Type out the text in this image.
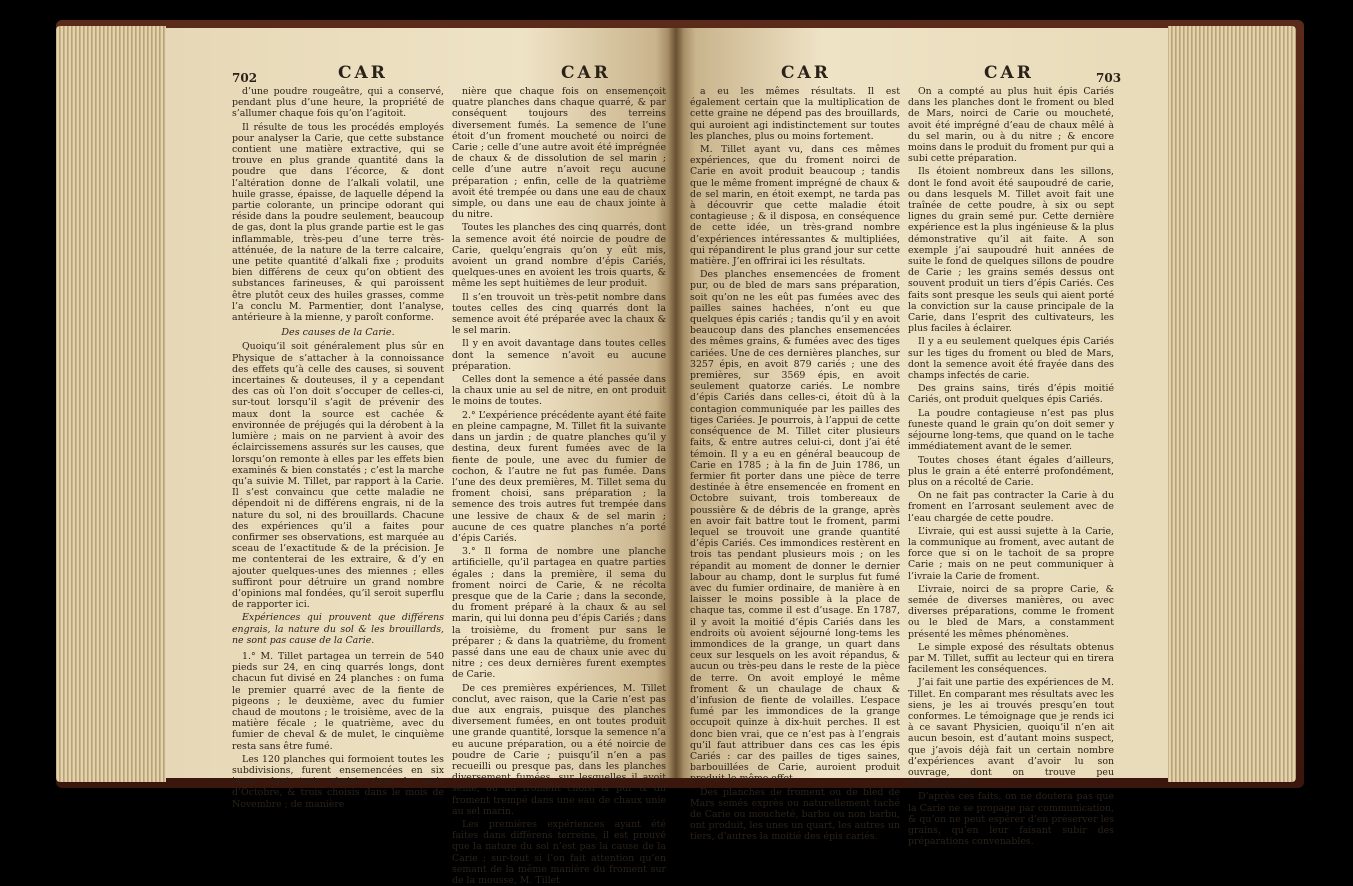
702	CAR	CAR	CAR	CAR	703

d’une poudre rougeâtre, qui a conservé, pendant plus d’une heure, la propriété de s’allumer chaque fois qu’on l’agitoit.

Il résulte de tous les procédés employés pour analyser la Carie, que cette substance contient une matière extractive, qui se trouve en plus grande quantité dans la poudre que dans l’écorce, & dont l’altération donne de l’alkali volatil, une huile grasse, épaisse, de laquelle dépend la partie colorante, un principe odorant qui réside dans la poudre seulement, beaucoup de gas, dont la plus grande partie est le gas inflammable, très-peu d’une terre très-atténuée, de la nature de la terre calcaire, une petite quantité d’alkali fixe ; produits bien différens de ceux qu’on obtient des substances farineuses, & qui paroissent être plutôt ceux des huiles grasses, comme l’a conclu M. Parmentier, dont l’analyse, antérieure à la mienne, y paroît conforme.

Des causes de la Carie.

Quoiqu’il soit généralement plus sûr en Physique de s’attacher à la connoissance des effets qu’à celle des causes, si souvent incertaines & douteuses, il y a cependant des cas où l’on doit s’occuper de celles-ci, sur-tout lorsqu’il s’agit de prévenir des maux dont la source est cachée & environnée de préjugés qui la dérobent à la lumière ; mais on ne parvient à avoir des éclaircissemens assurés sur les causes, que lorsqu’on remonte à elles par les effets bien examinés & bien constatés ; c’est la marche qu’a suivie M. Tillet, par rapport à la Carie. Il s’est convaincu que cette maladie ne dépendoit ni de différens engrais, ni de la nature du sol, ni des brouillards. Chacune des expériences qu’il a faites pour confirmer ses observations, est marquée au sceau de l’exactitude & de la précision. Je me contenterai de les extraire, & d’y en ajouter quelques-unes des miennes ; elles suffiront pour détruire un grand nombre d’opinions mal fondées, qu’il seroit superflu de rapporter ici.

Expériences qui prouvent que différens engrais, la nature du sol & les brouillards, ne sont pas cause de la Carie.

1.° M. Tillet partagea un terrein de 540 pieds sur 24, en cinq quarrés longs, dont chacun fut divisé en 24 planches : on fuma le premier quarré avec de la fiente de pigeons ; le deuxième, avec du fumier chaud de moutons ; le troisième, avec de la matière fécale ; le quatrième, avec du fumier de cheval & de mulet, le cinquième resta sans être fumé.

Les 120 planches qui formoient toutes les subdivisions, furent ensemencées en six jours, dont trois choisis dans le mois d’Octobre, & trois choisis dans le mois de Novembre ; de manière

nière que chaque fois on ensemençoit quatre planches dans chaque quarré, & par conséquent toujours des terreins diversement fumés. La semence de l’une étoit d’un froment moucheté ou noirci de Carie ; celle d’une autre avoit été imprégnée de chaux & de dissolution de sel marin ; celle d’une autre n’avoit reçu aucune préparation ; enfin, celle de la quatrième avoit été trempée ou dans une eau de chaux simple, ou dans une eau de chaux jointe à du nitre.

Toutes les planches des cinq quarrés, dont la semence avoit été noircie de poudre de Carie, quelqu’engrais qu’on y eût mis, avoient un grand nombre d’épis Cariés, quelques-unes en avoient les trois quarts, & même les sept huitièmes de leur produit.

Il s’en trouvoit un très-petit nombre dans toutes celles des cinq quarrés dont la semence avoit été préparée avec la chaux & le sel marin.

Il y en avoit davantage dans toutes celles dont la semence n’avoit eu aucune préparation.

Celles dont la semence a été passée dans la chaux unie au sel de nitre, en ont produit le moins de toutes.

2.° L’expérience précédente ayant été faite en pleine campagne, M. Tillet fit la suivante dans un jardin ; de quatre planches qu’il y destina, deux furent fumées avec de la fiente de poule, une avec du fumier de cochon, & l’autre ne fut pas fumée. Dans l’une des deux premières, M. Tillet sema du froment choisi, sans préparation ; la semence des trois autres fut trempée dans une lessive de chaux & de sel marin ; aucune de ces quatre planches n’a porté d’épis Cariés.

3.° Il forma de nombre une planche artificielle, qu’il partagea en quatre parties égales ; dans la première, il sema du froment noirci de Carie, & ne récolta presque que de la Carie ; dans la seconde, du froment préparé à la chaux & au sel marin, qui lui donna peu d’épis Cariés ; dans la troisième, du froment pur sans le préparer ; & dans la quatrième, du froment passé dans une eau de chaux unie avec du nitre ; ces deux dernières furent exemptes de Carie.

De ces premières expériences, M. Tillet conclut, avec raison, que la Carie n’est pas due aux engrais, puisque des planches diversement fumées, en ont toutes produit une grande quantité, lorsque la semence n’a eu aucune préparation, ou a été noircie de poudre de Carie ; puisqu’il n’en a pas recueilli ou presque pas, dans les planches diversement fumées, sur lesquelles il avoit semé, ou du froment choisi & pur & du froment trempé dans une eau de chaux unie au sel marin.

Les premières expériences ayant été faites dans différens terreins, il est prouvé que la nature du sol n’est pas la cause de la Carie ; sur-tout si l’on fait attention qu’en semant de la même manière du froment sur de la mousse, M. Tillet

a eu les mêmes résultats. Il est également certain que la multiplication de cette graine ne dépend pas des brouillards, qui auroient agi indistinctement sur toutes les planches, plus ou moins fortement.

M. Tillet ayant vu, dans ces mêmes expériences, que du froment noirci de Carie en avoit produit beaucoup ; tandis que le même froment imprégné de chaux & de sel marin, en étoit exempt, ne tarda pas à découvrir que cette maladie étoit contagieuse ; & il disposa, en conséquence de cette idée, un très-grand nombre d’expériences intéressantes & multipliées, qui répandirent le plus grand jour sur cette matière. J’en offrirai ici les résultats.

Des planches ensemencées de froment pur, ou de bled de mars sans préparation, soit qu’on ne les eût pas fumées avec des pailles saines hachées, n’ont eu que quelques épis cariés ; tandis qu’il y en avoit beaucoup dans des planches ensemencées des mêmes grains, & fumées avec des tiges cariées. Une de ces dernières planches, sur 3257 épis, en avoit 879 cariés ; une des premières, sur 3569 épis, en avoit seulement quatorze cariés. Le nombre d’épis Cariés dans celles-ci, étoit dû à la contagion communiquée par les pailles des tiges Cariées. Je pourrois, à l’appui de cette conséquence de M. Tillet citer plusieurs faits, & entre autres celui-ci, dont j’ai été témoin. Il y a eu en général beaucoup de Carie en 1785 ; à la fin de Juin 1786, un fermier fit porter dans une pièce de terre destinée à être ensemencée en froment en Octobre suivant, trois tombereaux de poussière & de débris de la grange, après en avoir fait battre tout le froment, parmi lequel se trouvoit une grande quantité d’épis Cariés. Ces immondices restèrent en trois tas pendant plusieurs mois ; on les répandit au moment de donner le dernier labour au champ, dont le surplus fut fumé avec du fumier ordinaire, de manière à en laisser le moins possible à la place de chaque tas, comme il est d’usage. En 1787, il y avoit la moitié d’épis Cariés dans les endroits où avoient séjourné long-tems les immondices de la grange, un quart dans ceux sur lesquels on les avoit répandus, & aucun ou très-peu dans le reste de la pièce de terre. On avoit employé le même froment & un chaulage de chaux & d’infusion de fiente de volailles. L’espace fumé par les immondices de la grange occupoit quinze à dix-huit perches. Il est donc bien vrai, que ce n’est pas à l’engrais qu’il faut attribuer dans ces cas les épis Cariés : car des pailles de tiges saines, barbouillées de Carie, auroient produit produit le même effet.

Des planches de froment ou de bled de Mars semés exprès ou naturellement taché de Carie ou moucheté, barbu ou non barbu, ont produit, les unes un quart, les autres un tiers, d’autres la moitié des épis cariés.

On a compté au plus huit épis Cariés dans les planches dont le froment ou bled de Mars, noirci de Carie ou moucheté, avoit été imprégné d’eau de chaux mêlé à du sel marin, ou à du nitre ; & encore moins dans le produit du froment pur qui a subi cette préparation.

Ils étoient nombreux dans les sillons, dont le fond avoit été saupoudré de carie, ou dans lesquels M. Tillet avoit fait une traînée de cette poudre, à six ou sept lignes du grain semé pur. Cette dernière expérience est la plus ingénieuse & la plus démonstrative qu’il ait faite. A son exemple j’ai saupoudré huit années de suite le fond de quelques sillons de poudre de Carie ; les grains semés dessus ont souvent produit un tiers d’épis Cariés. Ces faits sont presque les seuls qui aient porté la conviction sur la cause principale de la Carie, dans l’esprit des cultivateurs, les plus faciles à éclairer.

Il y a eu seulement quelques épis Cariés sur les tiges du froment ou bled de Mars, dont la semence avoit été frayée dans des champs infectés de carie.

Des grains sains, tirés d’épis moitié Cariés, ont produit quelques épis Cariés.

La poudre contagieuse n’est pas plus funeste quand le grain qu’on doit semer y séjourne long-tems, que quand on le tache immédiatement avant de le semer.

Toutes choses étant égales d’ailleurs, plus le grain a été enterré profondément, plus on a récolté de Carie.

On ne fait pas contracter la Carie à du froment en l’arrosant seulement avec de l’eau chargée de cette poudre.

L’ivraie, qui est aussi sujette à la Carie, la communique au froment, avec autant de force que si on le tachoit de sa propre Carie ; mais on ne peut communiquer à l’ivraie la Carie de froment.

L’ivraie, noirci de sa propre Carie, & semée de diverses manières, ou avec diverses préparations, comme le froment ou le bled de Mars, a constamment présenté les mêmes phénomènes.

Le simple exposé des résultats obtenus par M. Tillet, suffit au lecteur qui en tirera facilement les conséquences.

J’ai fait une partie des expériences de M. Tillet. En comparant mes résultats avec les siens, je les ai trouvés presqu’en tout conformes. Le témoignage que je rends ici à ce savant Physicien, quoiqu’il n’en ait aucun besoin, est d’autant moins suspect, que j’avois déjà fait un certain nombre d’expériences avant d’avoir lu son ouvrage, dont on trouve peu d’exemplaires.

D’après ces faits, on ne doutera pas que la Carie ne se propage par communication, & qu’on ne peut espérer d’en préserver les grains, qu’en leur faisant subir des préparations convenables.
